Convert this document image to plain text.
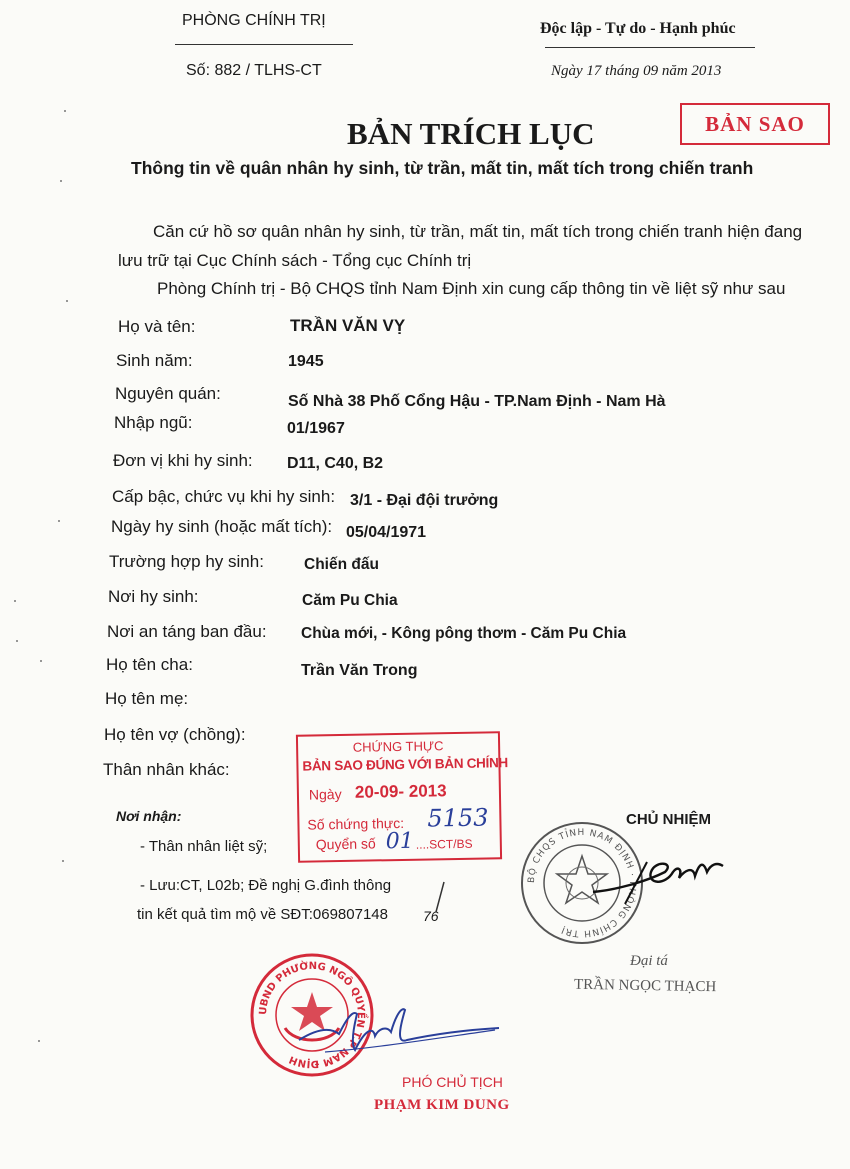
PHÒNG CHÍNH TRỊ
Số: 882 / TLHS-CT
Độc lập - Tự do - Hạnh phúc
Ngày 17 tháng 09 năm 2013
BẢN SAO
BẢN TRÍCH LỤC
Thông tin về quân nhân hy sinh, từ trần, mất tin, mất tích trong chiến tranh
Căn cứ hồ sơ quân nhân hy sinh, từ trần, mất tin, mất tích trong chiến tranh hiện đang
lưu trữ tại Cục Chính sách - Tổng cục Chính trị
Phòng Chính trị - Bộ CHQS tỉnh Nam Định xin cung cấp thông tin về liệt sỹ như sau
Họ và tên:	TRẦN VĂN VỴ
Sinh năm:	1945
Nguyên quán:	Số Nhà 38 Phố Cổng Hậu - TP.Nam Định - Nam Hà
Nhập ngũ:	01/1967
Đơn vị khi hy sinh: D11, C40, B2
Cấp bậc, chức vụ khi hy sinh: 3/1 - Đại đội trưởng
Ngày hy sinh (hoặc mất tích): 05/04/1971
Trường hợp hy sinh:	Chiến đấu
Nơi hy sinh:	Căm Pu Chia
Nơi an táng ban đầu: Chùa mới, - Kông pông thơm - Căm Pu Chia
Họ tên cha:	Trần Văn Trong
Họ tên mẹ:
Họ tên vợ (chồng):
Thân nhân khác:
CHỨNG THỰC
BẢN SAO ĐÚNG VỚI BẢN CHÍNH
Ngày 20-09- 2013
Số chứng thực: 5153
Quyển số 01 ....SCT/BS
Nơi nhận:
- Thân nhân liệt sỹ;
- Lưu:CT, L02b; Đề nghị G.đình thông
tin kết quả tìm mộ về SĐT:069807148	76
CHỦ NHIỆM
BỘ CHQS TỈNH NAM ĐỊNH · PHÒNG CHÍNH TRỊ
Đại tá
TRẦN NGỌC THẠCH
UBND PHƯỜNG NGÔ QUYỀN T.P NAM ĐỊNH
PHÓ CHỦ TỊCH
PHẠM KIM DUNG
